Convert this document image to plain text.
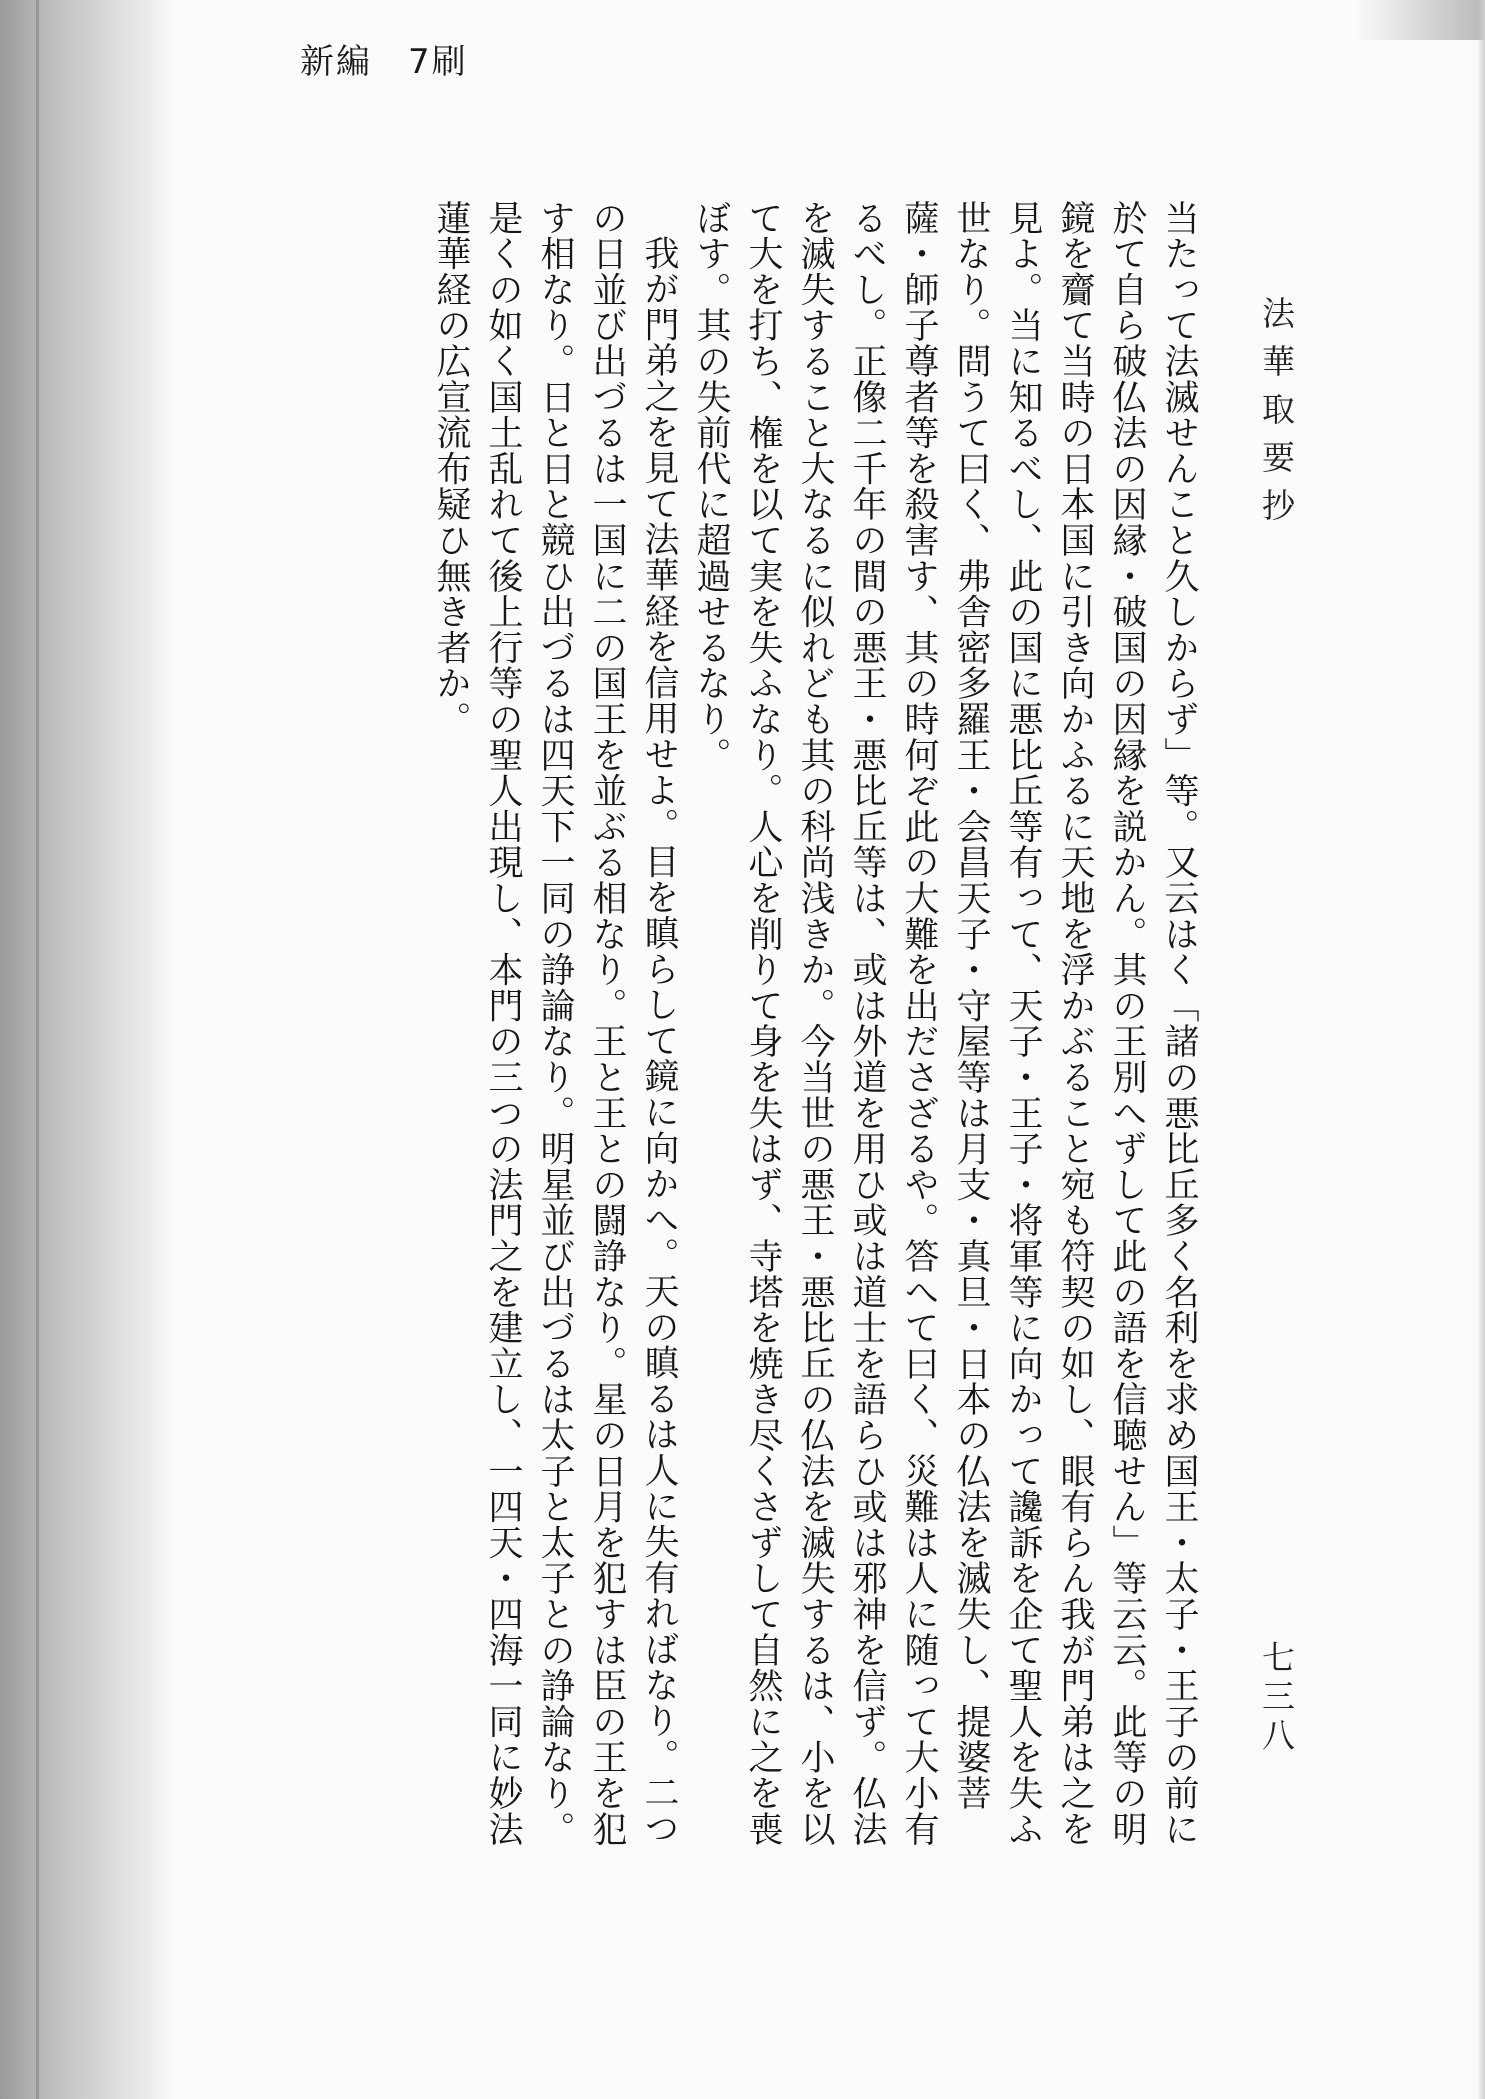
新編　7刷
法華取要抄
七三八

当たって法滅せんこと久しからず」等。又云はく「諸の悪比丘多く名利を求め国王・太子・王子の前に於て自ら破仏法の因縁・破国の因縁を説かん。其の王別へずして此の語を信聴せん」等云云。此等の明鏡を齎て当時の日本国に引き向かふるに天地を浮かぶること宛も符契の如し、眼有らん我が門弟は之を見よ。当に知るべし、此の国に悪比丘等有って、天子・王子・将軍等に向かって讒訴を企て聖人を失ふ世なり。問うて曰く、弗舎密多羅王・会昌天子・守屋等は月支・真旦・日本の仏法を滅失し、提婆菩薩・師子尊者等を殺害す、其の時何ぞ此の大難を出ださざるや。答へて曰く、災難は人に随って大小有るべし。正像二千年の間の悪王・悪比丘等は、或は外道を用ひ或は道士を語らひ或は邪神を信ず。仏法を滅失すること大なるに似れども其の科尚浅きか。今当世の悪王・悪比丘の仏法を滅失するは、小を以て大を打ち、権を以て実を失ふなり。人心を削りて身を失はず、寺塔を焼き尽くさずして自然に之を喪ぼす。其の失前代に超過せるなり。

我が門弟之を見て法華経を信用せよ。目を瞋らして鏡に向かへ。天の瞋るは人に失有ればなり。二つの日並び出づるは一国に二の国王を並ぶる相なり。王と王との闘諍なり。星の日月を犯すは臣の王を犯す相なり。日と日と競ひ出づるは四天下一同の諍論なり。明星並び出づるは太子と太子との諍論なり。是くの如く国土乱れて後上行等の聖人出現し、本門の三つの法門之を建立し、一四天・四海一同に妙法蓮華経の広宣流布疑ひ無き者か。
